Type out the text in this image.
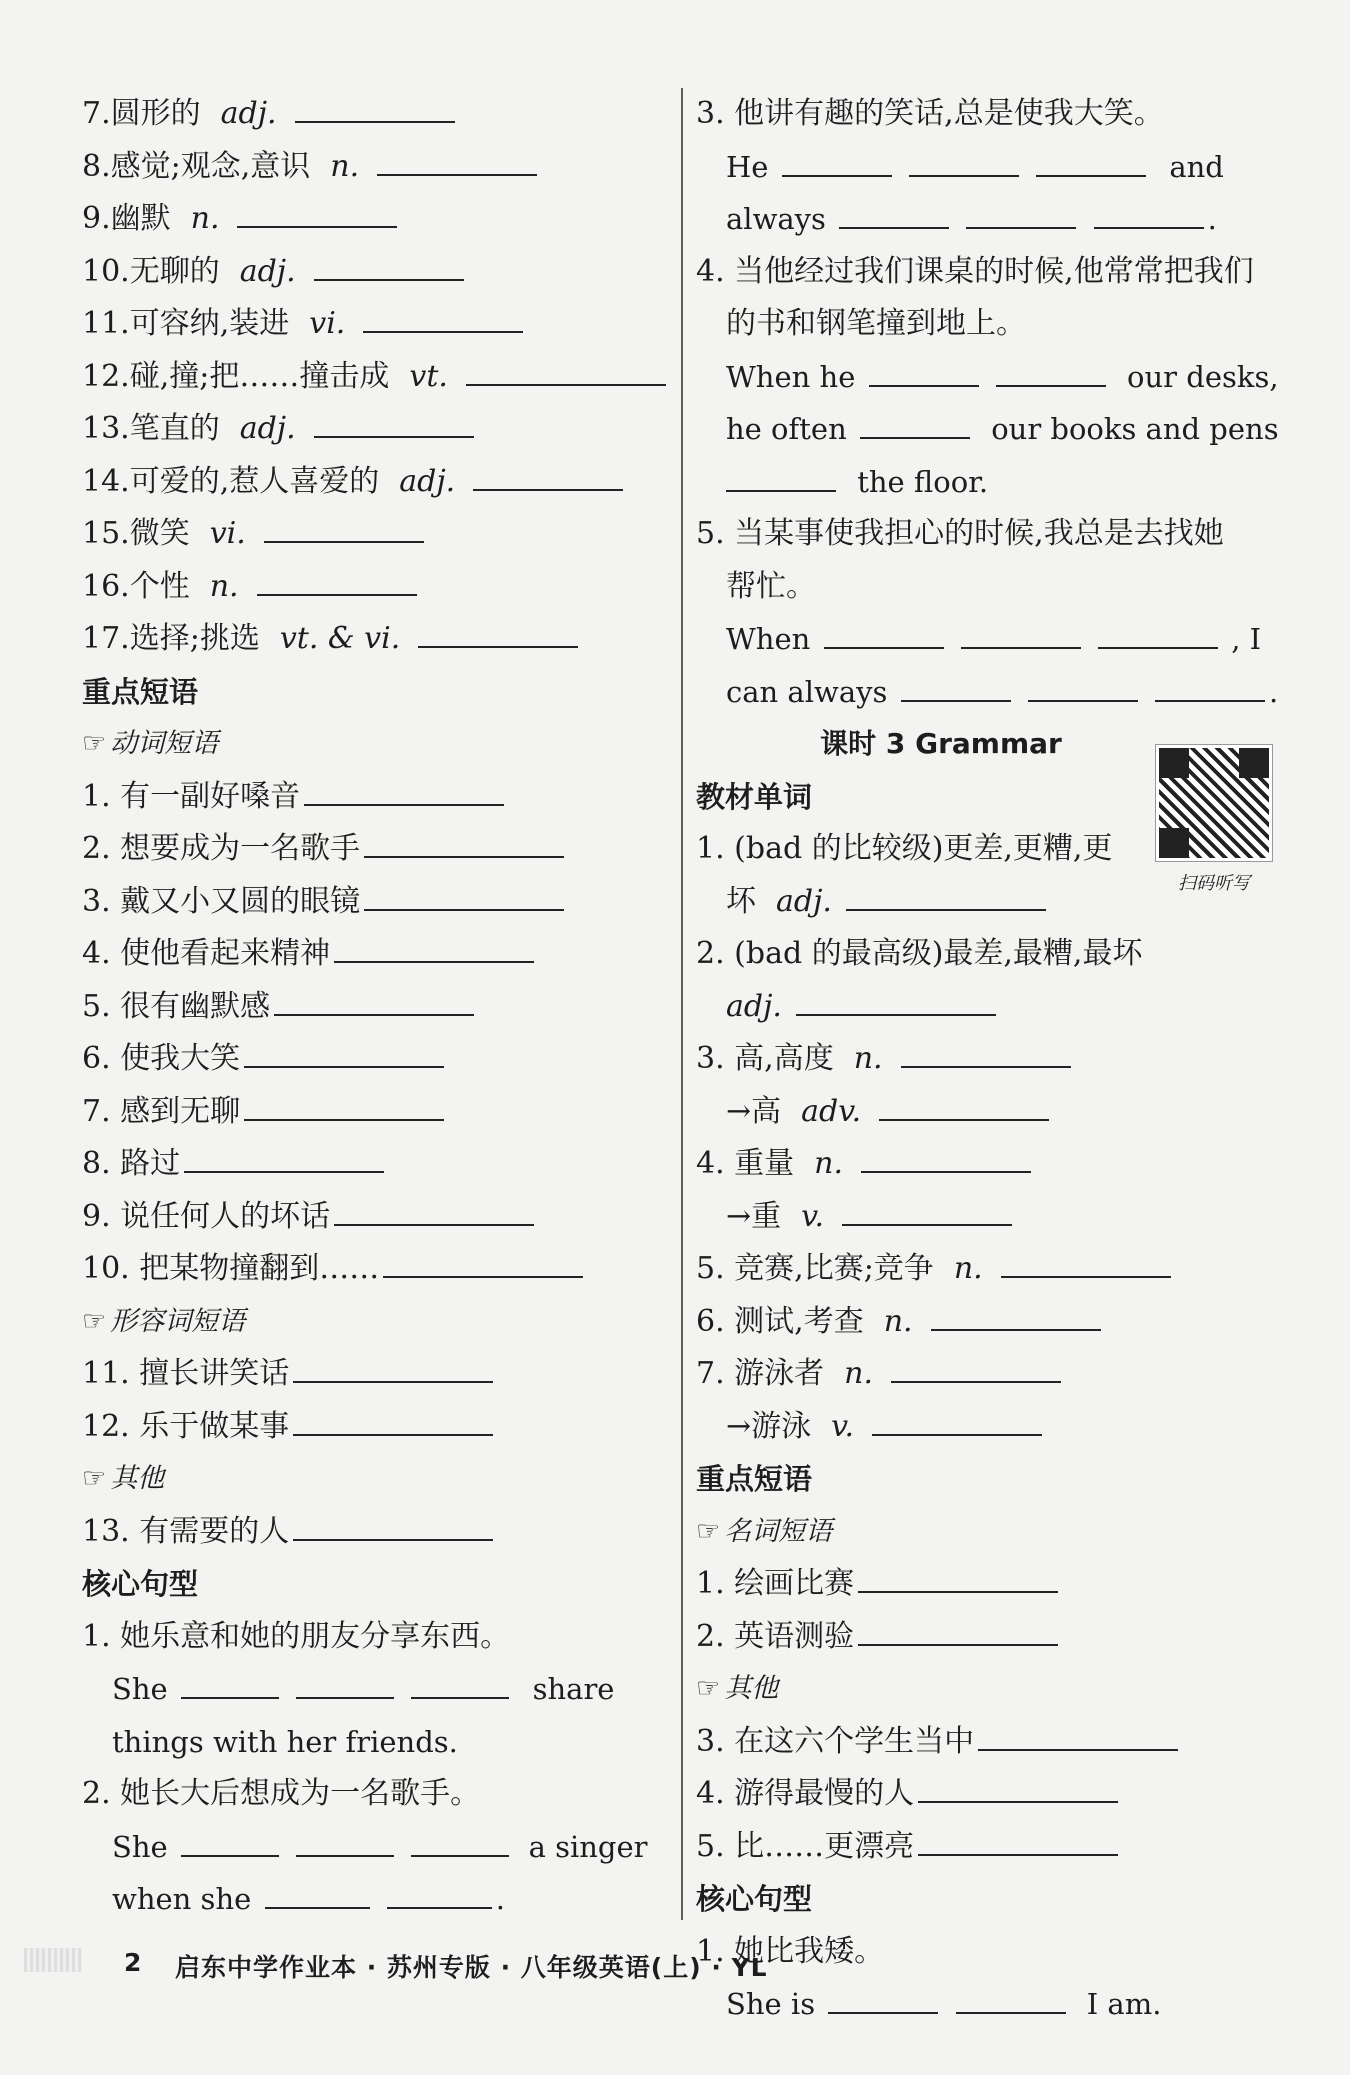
7.圆形的 adj.
8.感觉;观念,意识 n.
9.幽默 n.
10.无聊的 adj.
11.可容纳,装进 vi.
12.碰,撞;把……撞击成 vt.
13.笔直的 adj.
14.可爱的,惹人喜爱的 adj.
15.微笑 vi.
16.个性 n.
17.选择;挑选 vt. & vi.
重点短语
☞ 动词短语
1. 有一副好嗓音
2. 想要成为一名歌手
3. 戴又小又圆的眼镜
4. 使他看起来精神
5. 很有幽默感
6. 使我大笑
7. 感到无聊
8. 路过
9. 说任何人的坏话
10. 把某物撞翻到……
☞ 形容词短语
11. 擅长讲笑话
12. 乐于做某事
☞ 其他
13. 有需要的人
核心句型
1. 她乐意和她的朋友分享东西。
She	share
things with her friends.
2. 她长大后想成为一名歌手。
She	a singer
when she	.
3. 他讲有趣的笑话,总是使我大笑。
He	and
always	.
4. 当他经过我们课桌的时候,他常常把我们
的书和钢笔撞到地上。
When he	our desks,
he often	our books and pens
the floor.
5. 当某事使我担心的时候,我总是去找她
帮忙。
When	, I
can always	.
课时 3 Grammar
教材单词
1. (bad 的比较级)更差,更糟,更
坏 adj.
2. (bad 的最高级)最差,最糟,最坏
adj.
3. 高,高度 n.
→高 adv.
4. 重量 n.
→重 v.
5. 竞赛,比赛;竞争 n.
6. 测试,考查 n.
7. 游泳者 n.
→游泳 v.
重点短语
☞ 名词短语
1. 绘画比赛
2. 英语测验
☞ 其他
3. 在这六个学生当中
4. 游得最慢的人
5. 比……更漂亮
核心句型
1. 她比我矮。
She is	I am.
扫码听写
2 启东中学作业本 · 苏州专版 · 八年级英语(上) · YL
